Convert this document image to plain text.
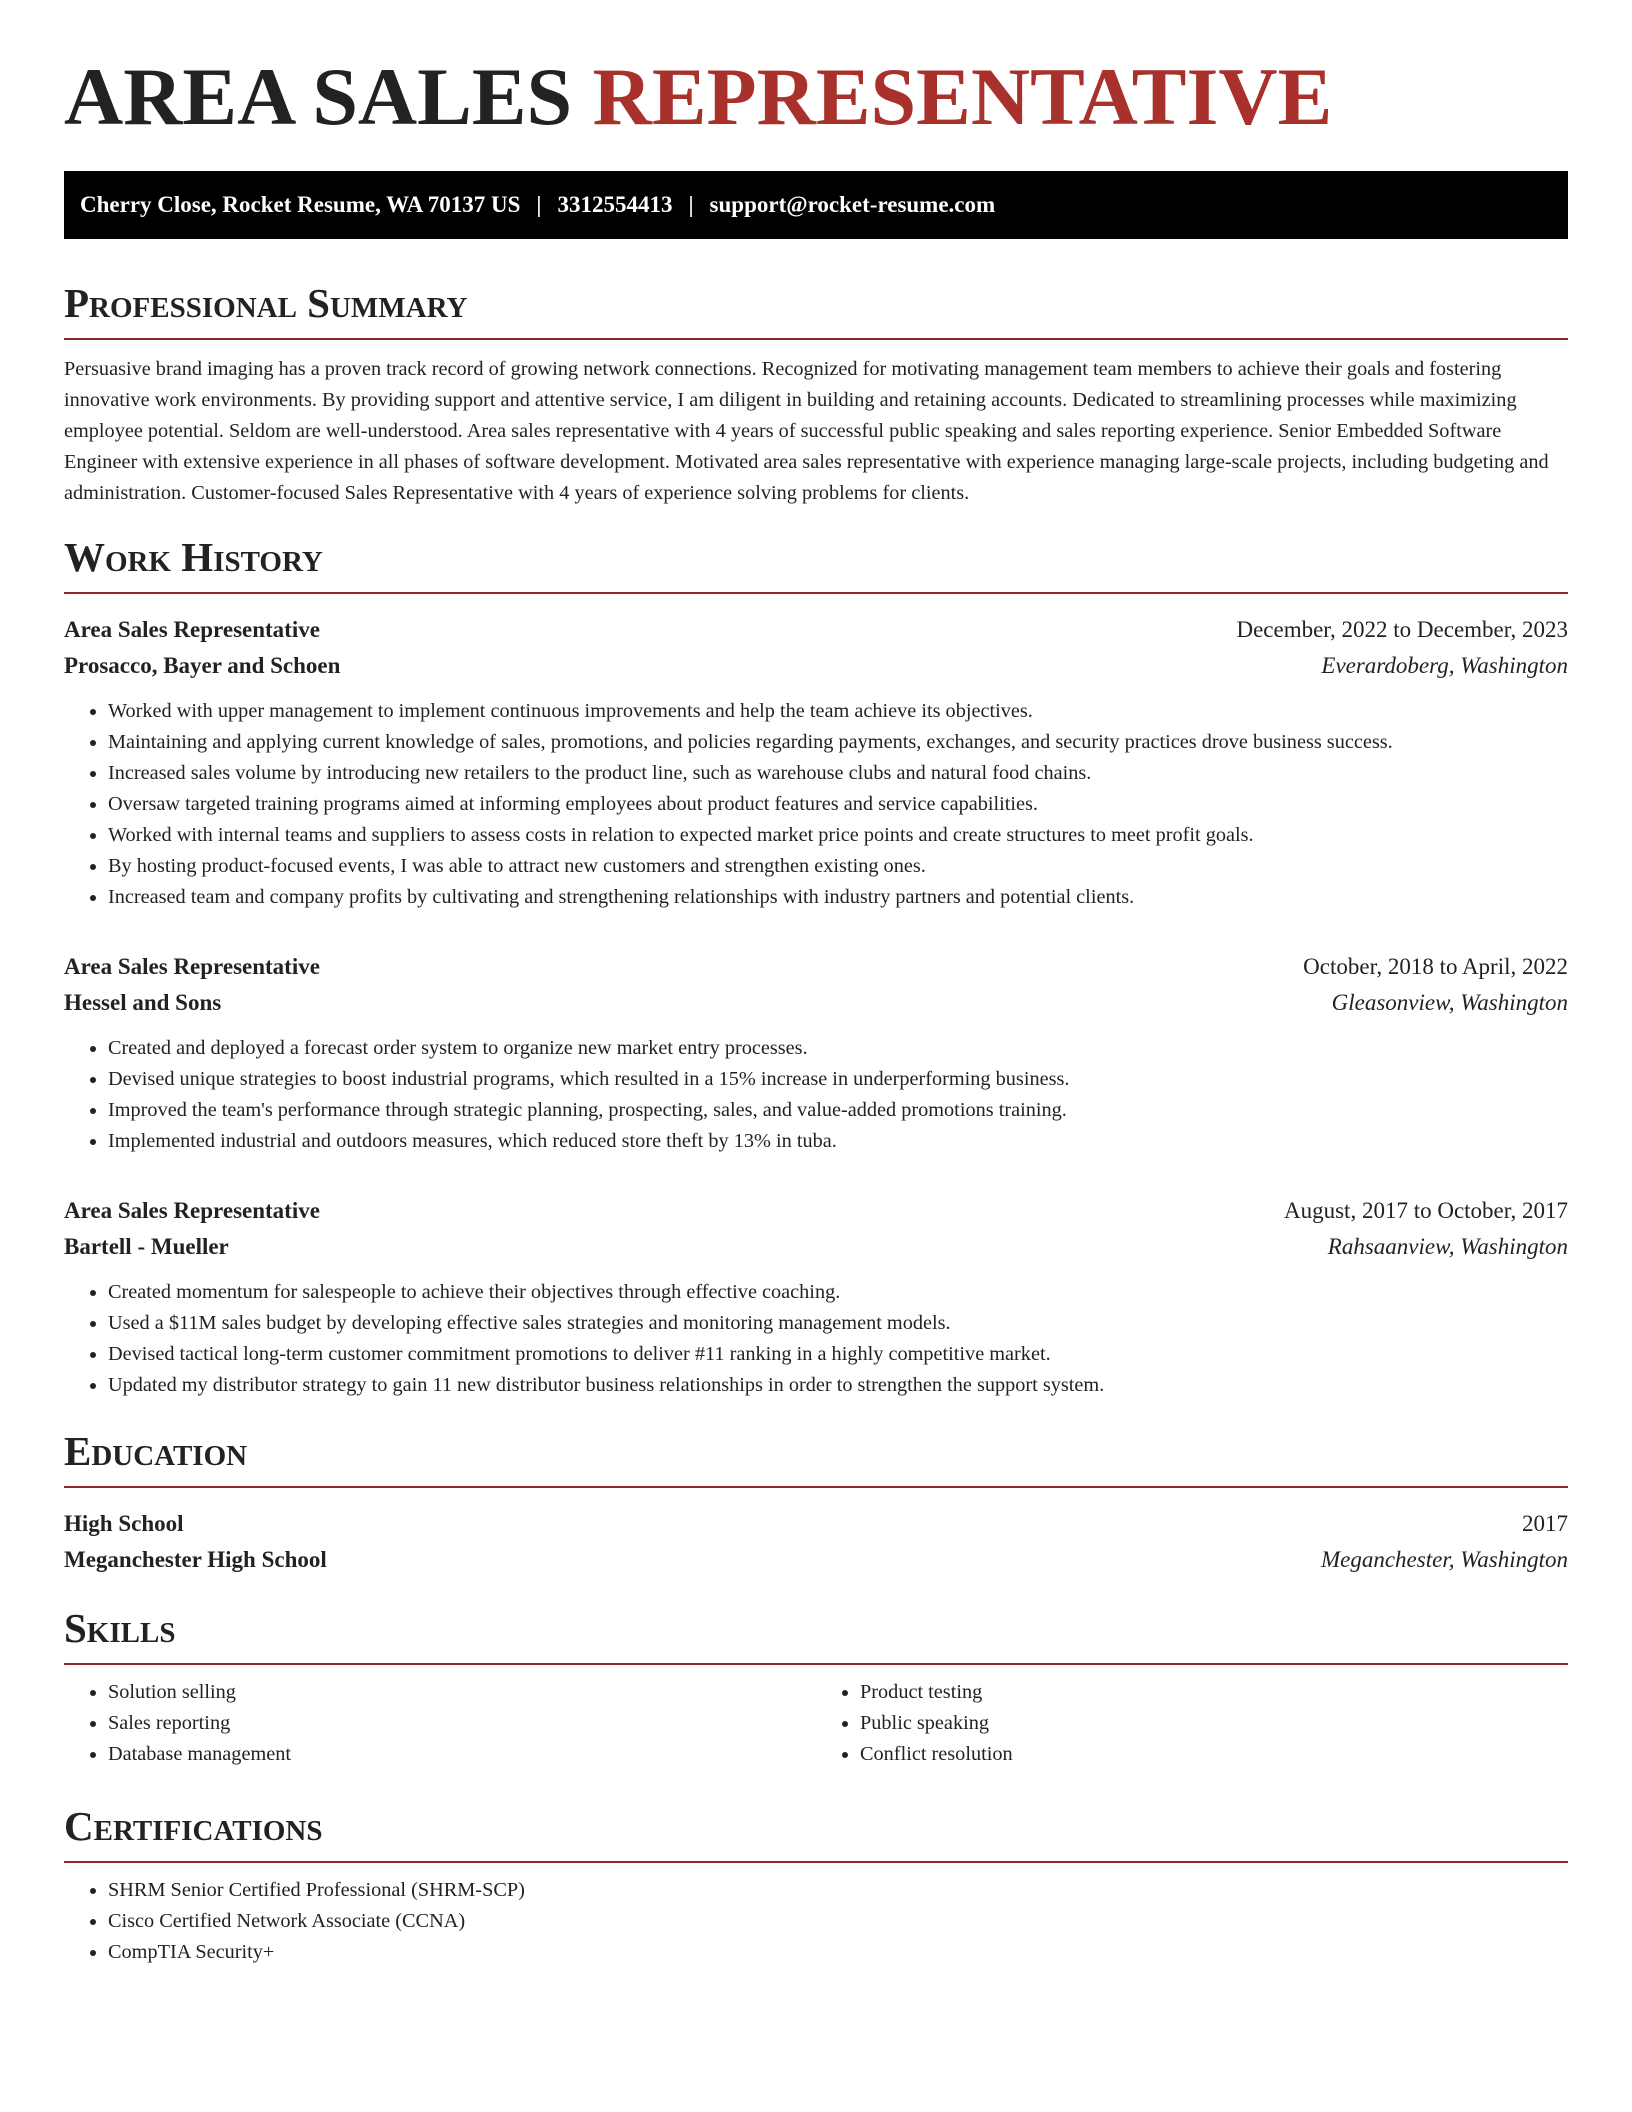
AREA SALES REPRESENTATIVE
Cherry Close, Rocket Resume, WA 70137 US | 3312554413 | support@rocket-resume.com
Professional Summary

Persuasive brand imaging has a proven track record of growing network connections. Recognized for motivating management team members to achieve their goals and fostering innovative work environments. By providing support and attentive service, I am diligent in building and retaining accounts. Dedicated to streamlining processes while maximizing employee potential. Seldom are well-understood. Area sales representative with 4 years of successful public speaking and sales reporting experience. Senior Embedded Software Engineer with extensive experience in all phases of software development. Motivated area sales representative with experience managing large-scale projects, including budgeting and administration. Customer-focused Sales Representative with 4 years of experience solving problems for clients.

Work History
Area Sales Representative	December, 2022 to December, 2023
Prosacco, Bayer and Schoen	Everardoberg, Washington
• Worked with upper management to implement continuous improvements and help the team achieve its objectives.
• Maintaining and applying current knowledge of sales, promotions, and policies regarding payments, exchanges, and security practices drove business success.
• Increased sales volume by introducing new retailers to the product line, such as warehouse clubs and natural food chains.
• Oversaw targeted training programs aimed at informing employees about product features and service capabilities.
• Worked with internal teams and suppliers to assess costs in relation to expected market price points and create structures to meet profit goals.
• By hosting product-focused events, I was able to attract new customers and strengthen existing ones.
• Increased team and company profits by cultivating and strengthening relationships with industry partners and potential clients.
Area Sales Representative	October, 2018 to April, 2022
Hessel and Sons	Gleasonview, Washington
• Created and deployed a forecast order system to organize new market entry processes.
• Devised unique strategies to boost industrial programs, which resulted in a 15% increase in underperforming business.
• Improved the team's performance through strategic planning, prospecting, sales, and value-added promotions training.
• Implemented industrial and outdoors measures, which reduced store theft by 13% in tuba.
Area Sales Representative	August, 2017 to October, 2017
Bartell - Mueller	Rahsaanview, Washington
• Created momentum for salespeople to achieve their objectives through effective coaching.
• Used a $11M sales budget by developing effective sales strategies and monitoring management models.
• Devised tactical long-term customer commitment promotions to deliver #11 ranking in a highly competitive market.
• Updated my distributor strategy to gain 11 new distributor business relationships in order to strengthen the support system.
Education
High School	2017
Meganchester High School	Meganchester, Washington
Skills
• Solution selling
• Sales reporting
• Database management
• Product testing
• Public speaking
• Conflict resolution
Certifications
• SHRM Senior Certified Professional (SHRM-SCP)
• Cisco Certified Network Associate (CCNA)
• CompTIA Security+
